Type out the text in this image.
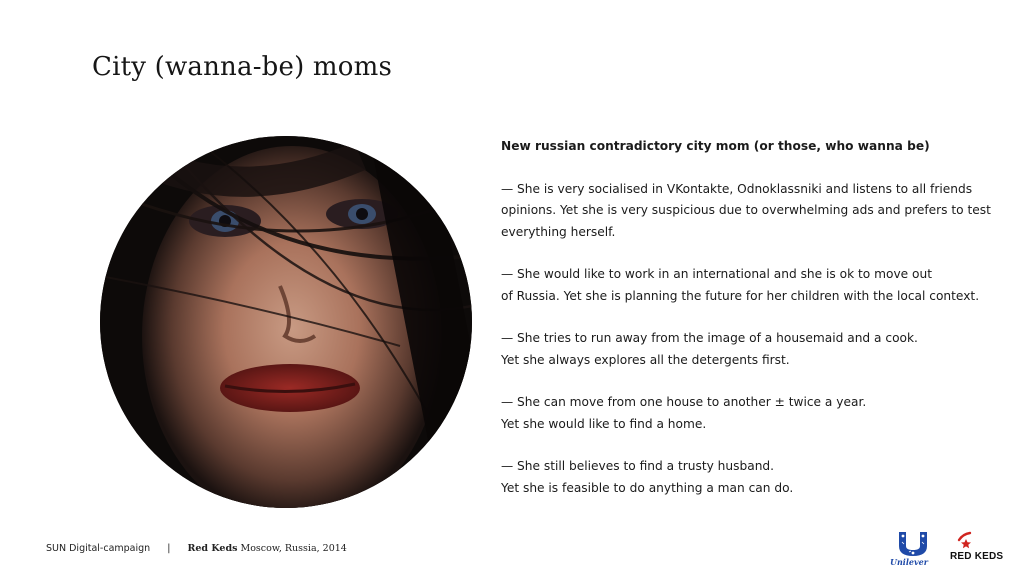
City (wanna-be) moms
New russian contradictory city mom (or those, who wanna be)
— She is very socialised in VKontakte, Odnoklassniki and listens to all friends
opinions. Yet she is very suspicious due to overwhelming ads and prefers to test
everything herself.
— She would like to work in an international and she is ok to move out
of Russia. Yet she is planning the future for her children with the local context.
— She tries to run away from the image of a housemaid and a cook.
Yet she always explores all the detergents first.
— She can move from one house to another ± twice a year.
Yet she would like to find a home.
— She still believes to find a trusty husband.
Yet she is feasible to do anything a man can do.
SUN Digital-campaign | Red Keds Moscow, Russia, 2014
Unilever RED KEDS
